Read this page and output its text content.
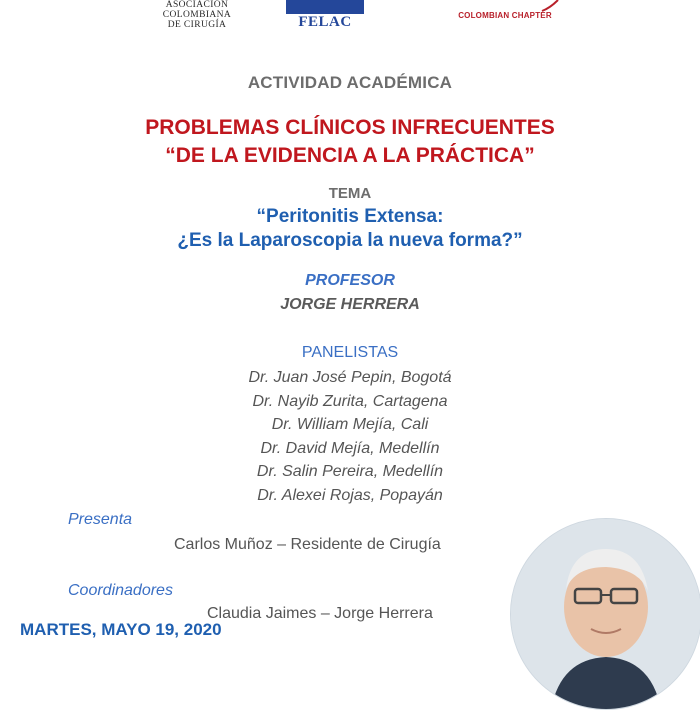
ASOCIACIÓN
COLOMBIANA
DE CIRUGÍA	FELAC	COLOMBIAN CHAPTER
ACTIVIDAD ACADÉMICA
PROBLEMAS CLÍNICOS INFRECUENTES
“DE LA EVIDENCIA A LA PRÁCTICA”
TEMA
“Peritonitis Extensa:
¿Es la Laparoscopia la nueva forma?”
PROFESOR
JORGE HERRERA
PANELISTAS
Dr. Juan José Pepin, Bogotá
Dr. Nayib Zurita, Cartagena
Dr. William Mejía, Cali
Dr. David Mejía, Medellín
Dr. Salin Pereira, Medellín
Dr. Alexei Rojas, Popayán
Presenta
Carlos Muñoz – Residente de Cirugía
Coordinadores
Claudia Jaimes – Jorge Herrera
MARTES, MAYO 19, 2020
